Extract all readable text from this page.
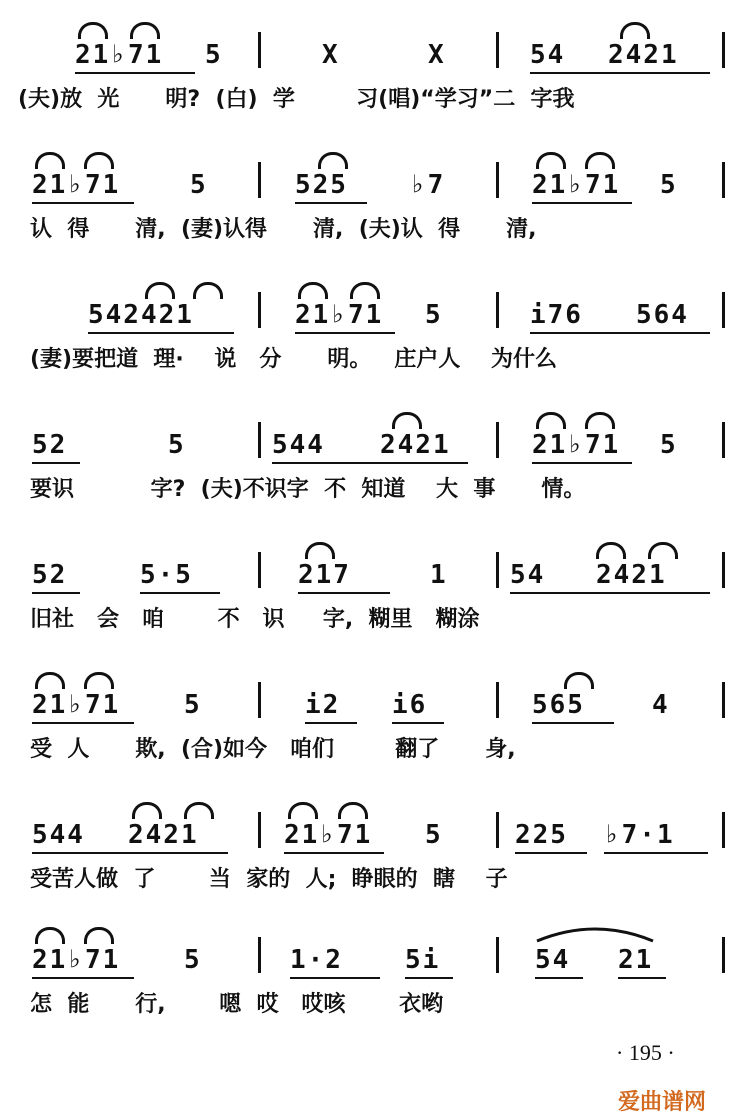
21♭71 5	X	X	54 2421
(夫)放  光      明?  (白)  学        习(唱)“学习”二  字我
21♭71	5	525 ♭7	21♭71 5
认  得      清,  (妻)认得      清,  (夫)认  得      清,
542421	21♭71 5	i76 564
(妻)要把道  理·    说   分      明。   庄户人    为什么
52	5	544 2421	21♭71 5
要识          字?  (夫)不识字  不  知道    大  事      情。
52	5·5	217	1 54 2421
旧社   会   咱       不   识     字,  糊里   糊涂
21♭71 5	i2 i6	565	4
受  人      欺,  (合)如今   咱们        翻了      身,
544 2421	21♭71 5	225 ♭7·1
受苦人做  了       当  家的  人;  睁眼的  瞎    子
21♭71 5	1·2 5i	54 21
怎  能      行,       嗯  哎   哎咳       衣哟
· 195 ·
爱曲谱网
